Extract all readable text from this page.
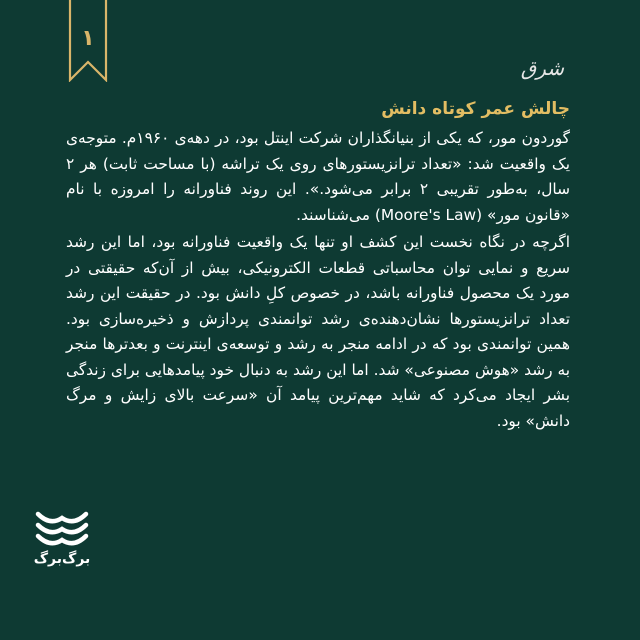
۱
شرق
چالش عمر کوتاه دانش

گوردون مور، که یکی از بنیانگذاران شرکت اینتل بود، در دهه‌ی ۱۹۶۰م. متوجه‌ی یک واقعیت شد: «تعداد ترانزیستورهای روی یک تراشه (با مساحت ثابت) هر ۲ سال، به‌طور تقریبی ۲ برابر می‌شود.». این روند فناورانه را امروزه با نام «قانون مور» (Moore's Law) می‌شناسند.

اگرچه در نگاه نخست این کشف او تنها یک واقعیت فناورانه بود، اما این رشد سریع و نمایی توان محاسباتی قطعات الکترونیکی، بیش از آن‌که حقیقتی در مورد یک محصول فناورانه باشد، در خصوص کلِ دانش بود. در حقیقت این رشد تعداد ترانزیستورها نشان‌دهنده‌ی رشد توانمندی پردازش و ذخیره‌سازی بود. همین توانمندی بود که در ادامه منجر به رشد و توسعه‌ی اینترنت و بعدترها منجر به رشد «هوش مصنوعی» شد. اما این رشد به دنبال خود پیامدهایی برای زندگی بشر ایجاد می‌کرد که شاید مهم‌ترین پیامد آن «سرعت بالای زایش و مرگ دانش» بود.

برگ‌برگ
